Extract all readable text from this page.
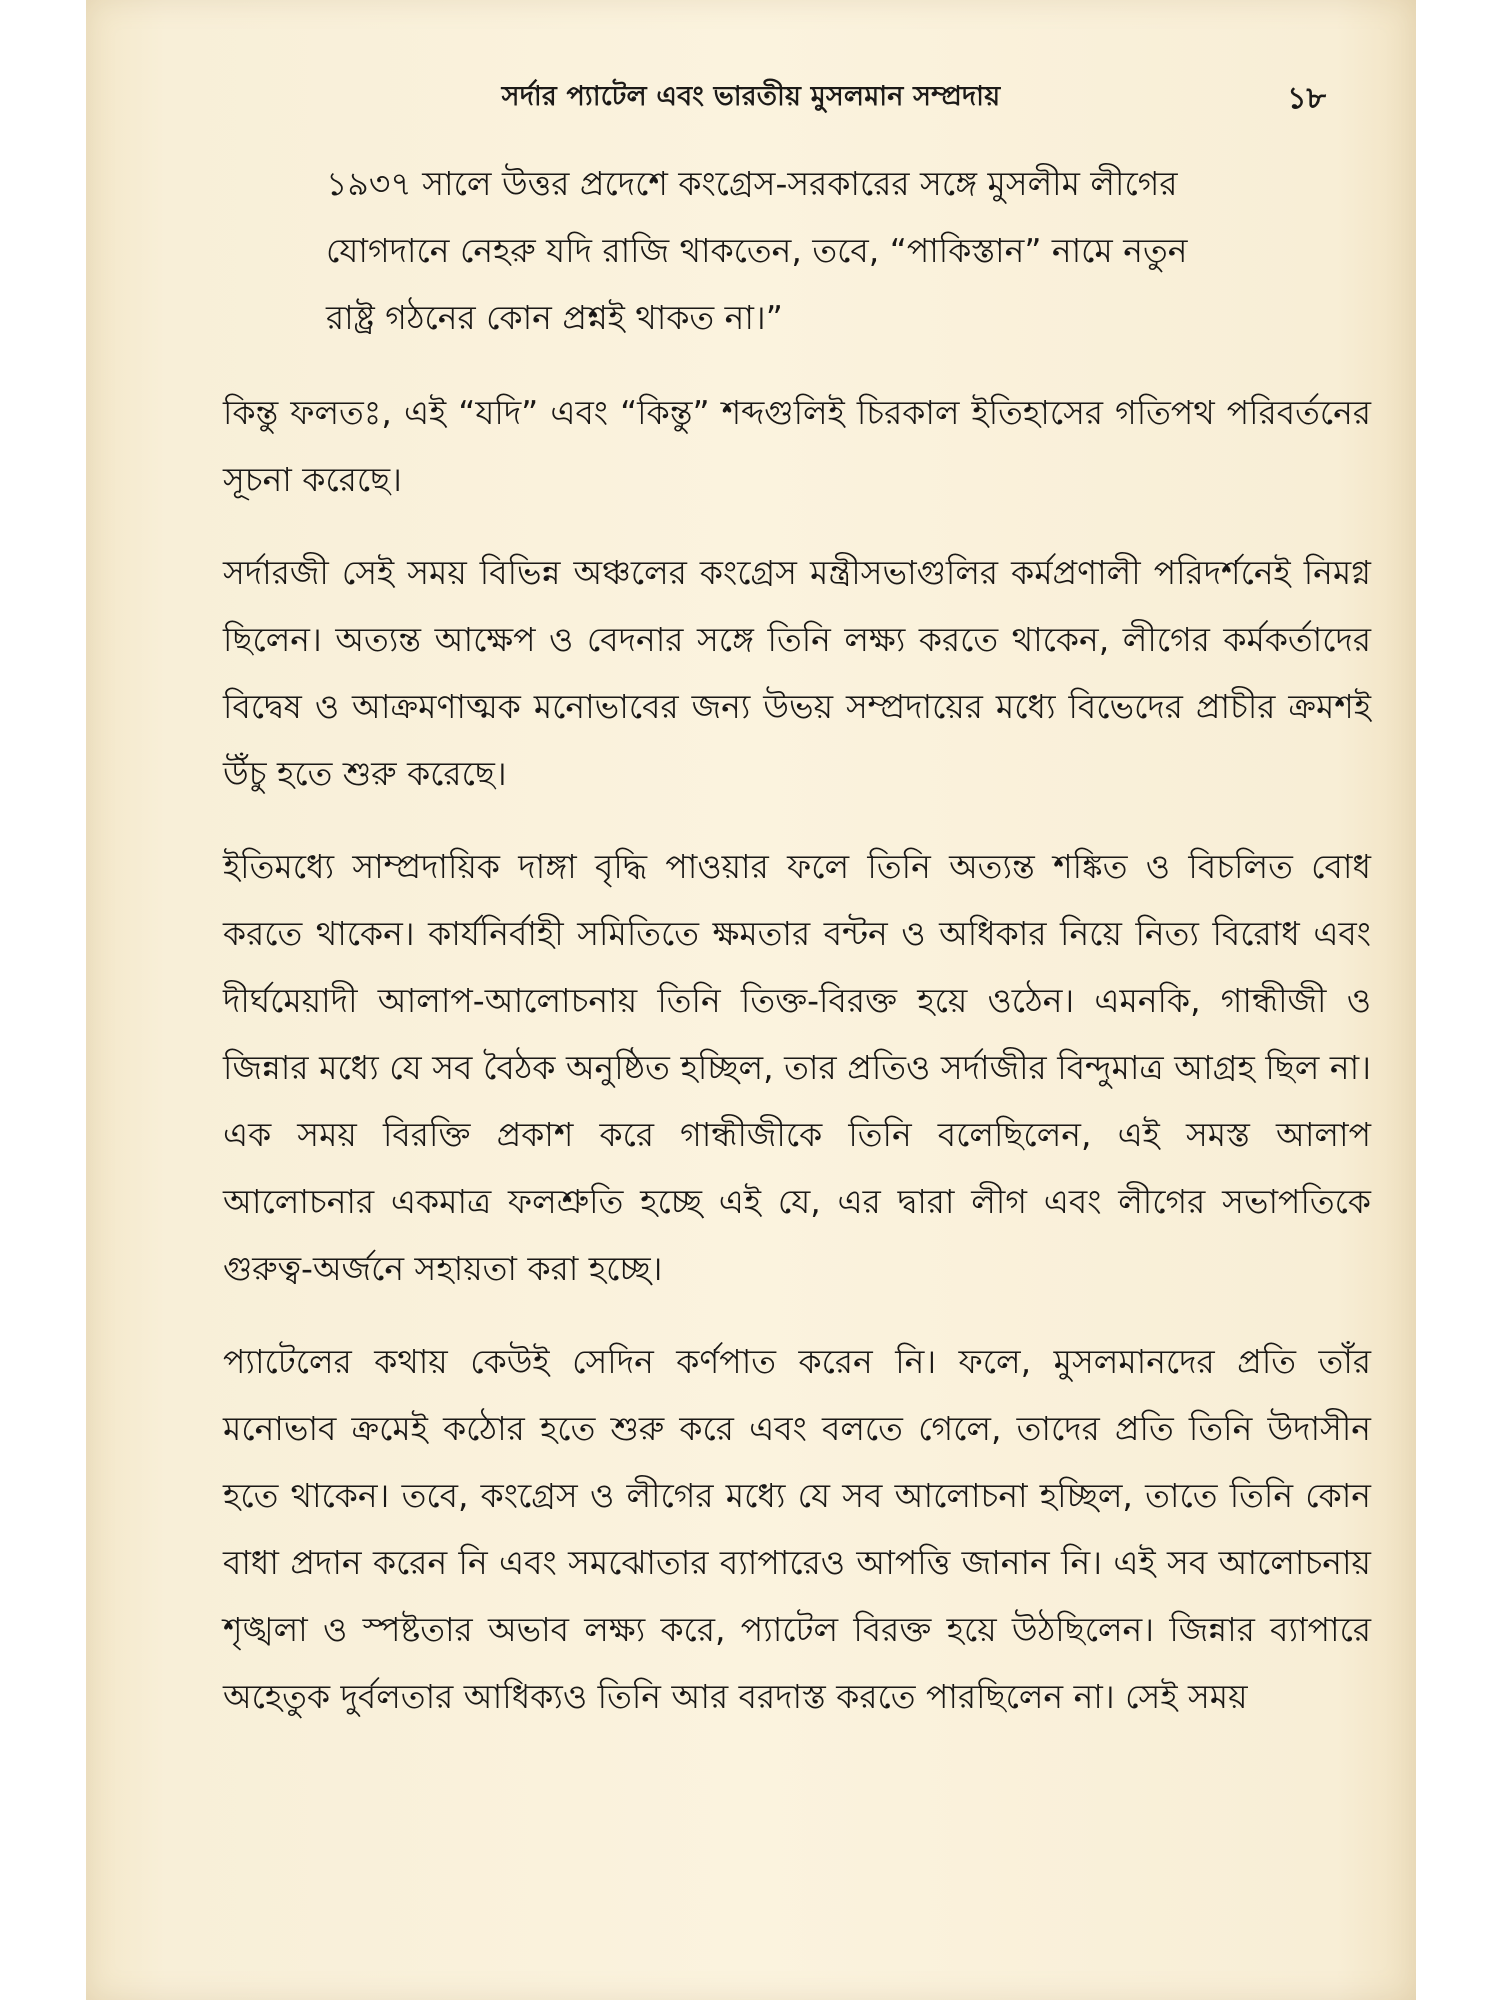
সর্দার প্যাটেল এবং ভারতীয় মুসলমান সম্প্রদায়	১৮

১৯৩৭ সালে উত্তর প্রদেশে কংগ্রেস-সরকারের সঙ্গে মুসলীম লীগের যোগদানে নেহরু যদি রাজি থাকতেন, তবে, “পাকিস্তান” নামে নতুন রাষ্ট্র গঠনের কোন প্রশ্নই থাকত না।”

কিন্তু ফলতঃ, এই “যদি” এবং “কিন্তু” শব্দগুলিই চিরকাল ইতিহাসের গতিপথ পরিবর্তনের সূচনা করেছে।

সর্দারজী সেই সময় বিভিন্ন অঞ্চলের কংগ্রেস মন্ত্রীসভাগুলির কর্মপ্রণালী পরিদর্শনেই নিমগ্ন ছিলেন। অত্যন্ত আক্ষেপ ও বেদনার সঙ্গে তিনি লক্ষ্য করতে থাকেন, লীগের কর্মকর্তাদের বিদ্বেষ ও আক্রমণাত্মক মনোভাবের জন্য উভয় সম্প্রদায়ের মধ্যে বিভেদের প্রাচীর ক্রমশই উঁচু হতে শুরু করেছে।

ইতিমধ্যে সাম্প্রদায়িক দাঙ্গা বৃদ্ধি পাওয়ার ফলে তিনি অত্যন্ত শঙ্কিত ও বিচলিত বোধ করতে থাকেন। কার্যনির্বাহী সমিতিতে ক্ষমতার বন্টন ও অধিকার নিয়ে নিত্য বিরোধ এবং দীর্ঘমেয়াদী আলাপ-আলোচনায় তিনি তিক্ত-বিরক্ত হয়ে ওঠেন। এমনকি, গান্ধীজী ও জিন্নার মধ্যে যে সব বৈঠক অনুষ্ঠিত হচ্ছিল, তার প্রতিও সর্দাজীর বিন্দুমাত্র আগ্রহ ছিল না। এক সময় বিরক্তি প্রকাশ করে গান্ধীজীকে তিনি বলেছিলেন, এই সমস্ত আলাপ আলোচনার একমাত্র ফলশ্রুতি হচ্ছে এই যে, এর দ্বারা লীগ এবং লীগের সভাপতিকে গুরুত্ব-অর্জনে সহায়তা করা হচ্ছে।

প্যাটেলের কথায় কেউই সেদিন কর্ণপাত করেন নি। ফলে, মুসলমানদের প্রতি তাঁর মনোভাব ক্রমেই কঠোর হতে শুরু করে এবং বলতে গেলে, তাদের প্রতি তিনি উদাসীন হতে থাকেন। তবে, কংগ্রেস ও লীগের মধ্যে যে সব আলোচনা হচ্ছিল, তাতে তিনি কোন বাধা প্রদান করেন নি এবং সমঝোতার ব্যাপারেও আপত্তি জানান নি। এই সব আলোচনায় শৃঙ্খলা ও স্পষ্টতার অভাব লক্ষ্য করে, প্যাটেল বিরক্ত হয়ে উঠছিলেন। জিন্নার ব্যাপারে অহেতুক দুর্বলতার আধিক্যও তিনি আর বরদাস্ত করতে পারছিলেন না। সেই সময়
